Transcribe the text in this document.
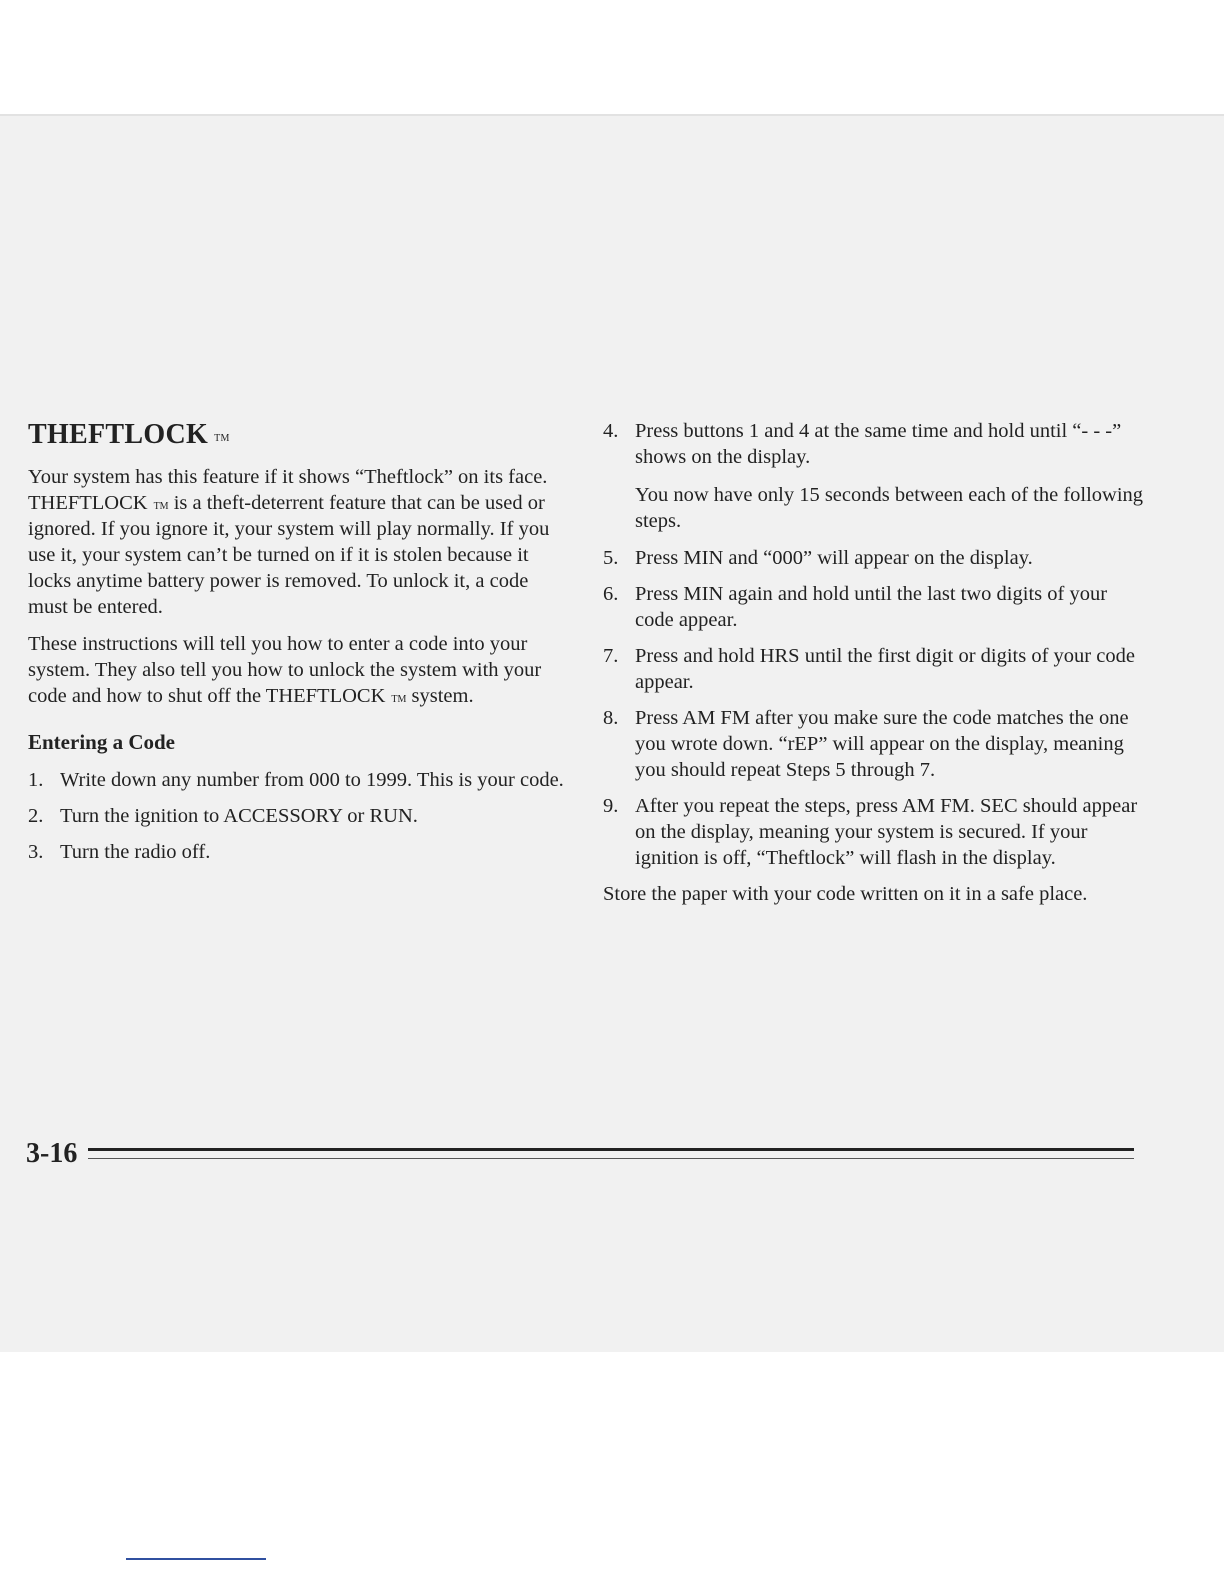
THEFTLOCK ™

Your system has this feature if it shows “Theftlock” on its face. THEFTLOCK ™ is a theft-deterrent feature that can be used or ignored. If you ignore it, your system will play normally. If you use it, your system can’t be turned on if it is stolen because it locks anytime battery power is removed. To unlock it, a code must be entered.

These instructions will tell you how to enter a code into your system. They also tell you how to unlock the system with your code and how to shut off the THEFTLOCK ™ system.

Entering a Code
1. Write down any number from 000 to 1999. This is your code.
2. Turn the ignition to ACCESSORY or RUN.
3. Turn the radio off.
4. Press buttons 1 and 4 at the same time and hold until “- - -” shows on the display.

You now have only 15 seconds between each of the following steps.

5. Press MIN and “000” will appear on the display.
6. Press MIN again and hold until the last two digits of your code appear.
7. Press and hold HRS until the first digit or digits of your code appear.
8. Press AM FM after you make sure the code matches the one you wrote down. “rEP” will appear on the display, meaning you should repeat Steps 5 through 7.
9. After you repeat the steps, press AM FM. SEC should appear on the display, meaning your system is secured. If your ignition is off, “Theftlock” will flash in the display.

Store the paper with your code written on it in a safe place.

3-16
